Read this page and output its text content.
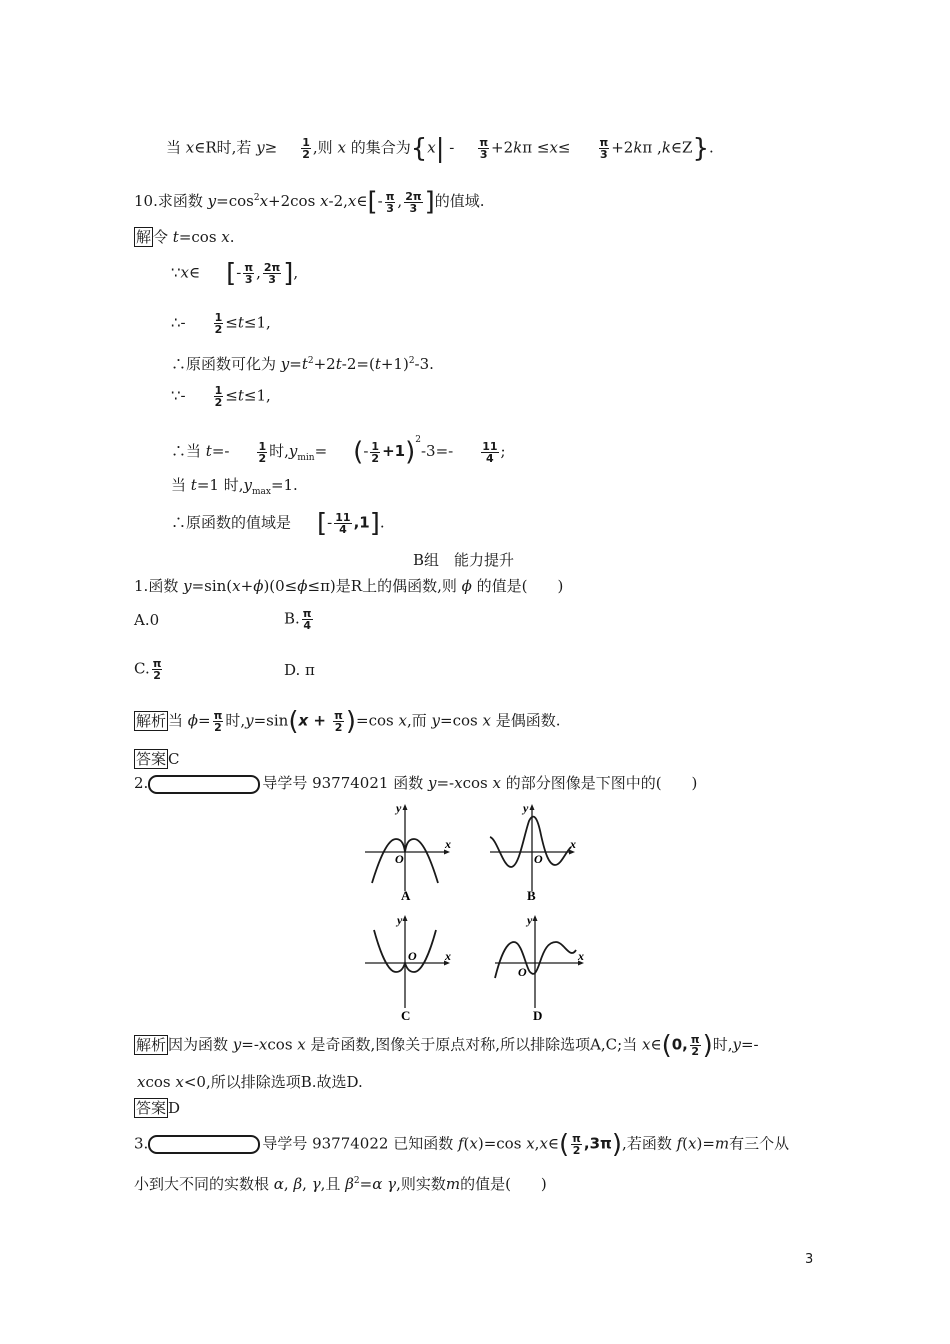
当 x∈R时,若 $y\ge \frac{1}{2}$ ,则 x 的集合为{$x| - \frac{\pi}{3} +2k\pi \le x\le$	$\frac{\pi}{3} +2k\pi$ ,k∈Z}.
10.求函数 $y=\cos^2x+2\cos$ x-2,x∈[- $\frac{\pi}{3}$ , $\frac{2\pi}{3}$ ]的值域.
解 令 t=cos x.
∵x∈ [- $\frac{\pi}{3}$ , $\frac{2\pi}{3}$ ],
∴-	$\frac{1}{2} \le t\le 1$,
∴原函数可化为 $y=t^2+2t-2=(t+1)^2-3$.
∵-	$\frac{1}{2} \le t\le 1$,
∴当 t=-	$\frac{1}{2}$ 时$,y_{min}=$ (- $\frac{1}{2} +1)^2-3=-$	$\frac{11}{4}$ ;
当 t=1 时$,y_{max}=1$.
∴原函数的值域是 [- $\frac{11}{4} ,1$].
B组　能力提升
1.函数 y=sin(x+ϕ)(0≤ϕ≤π)是R上的偶函数,则 ϕ 的值是(　　)
A.0	B. $\frac{\pi}{4}$
C. $\frac{\pi}{2}$	D. π
解析 当 $\phi= \frac{\pi}{2}$ 时$,y=\sin(x + \frac{\pi}{2} )=\cos$ x,而 y=cos x 是偶函数.
答案 C
2.	导学号 93774021 函数 y=-xcos x 的部分图像是下图中的(　　)
y
x
O
A
y
x
O
B
y
x
O
C
y
x
O
D
解析 因为函数 y=-xcos x 是奇函数,图像关于原点对称,所以排除选项A,C;当 x∈(0, $\frac{\pi}{2}$ )时,y=-
xcos x<0,所以排除选项B.故选D.
答案 D
3.	导学号 93774022 已知函数 f(x)=cos x,x∈( $\frac{\pi}{2} ,3\pi$),若函数 f(x)=m有三个从
小到大不同的实数根 α, β, γ,且 $\beta^2=\alpha$ γ,则实数m的值是(　　)
3
